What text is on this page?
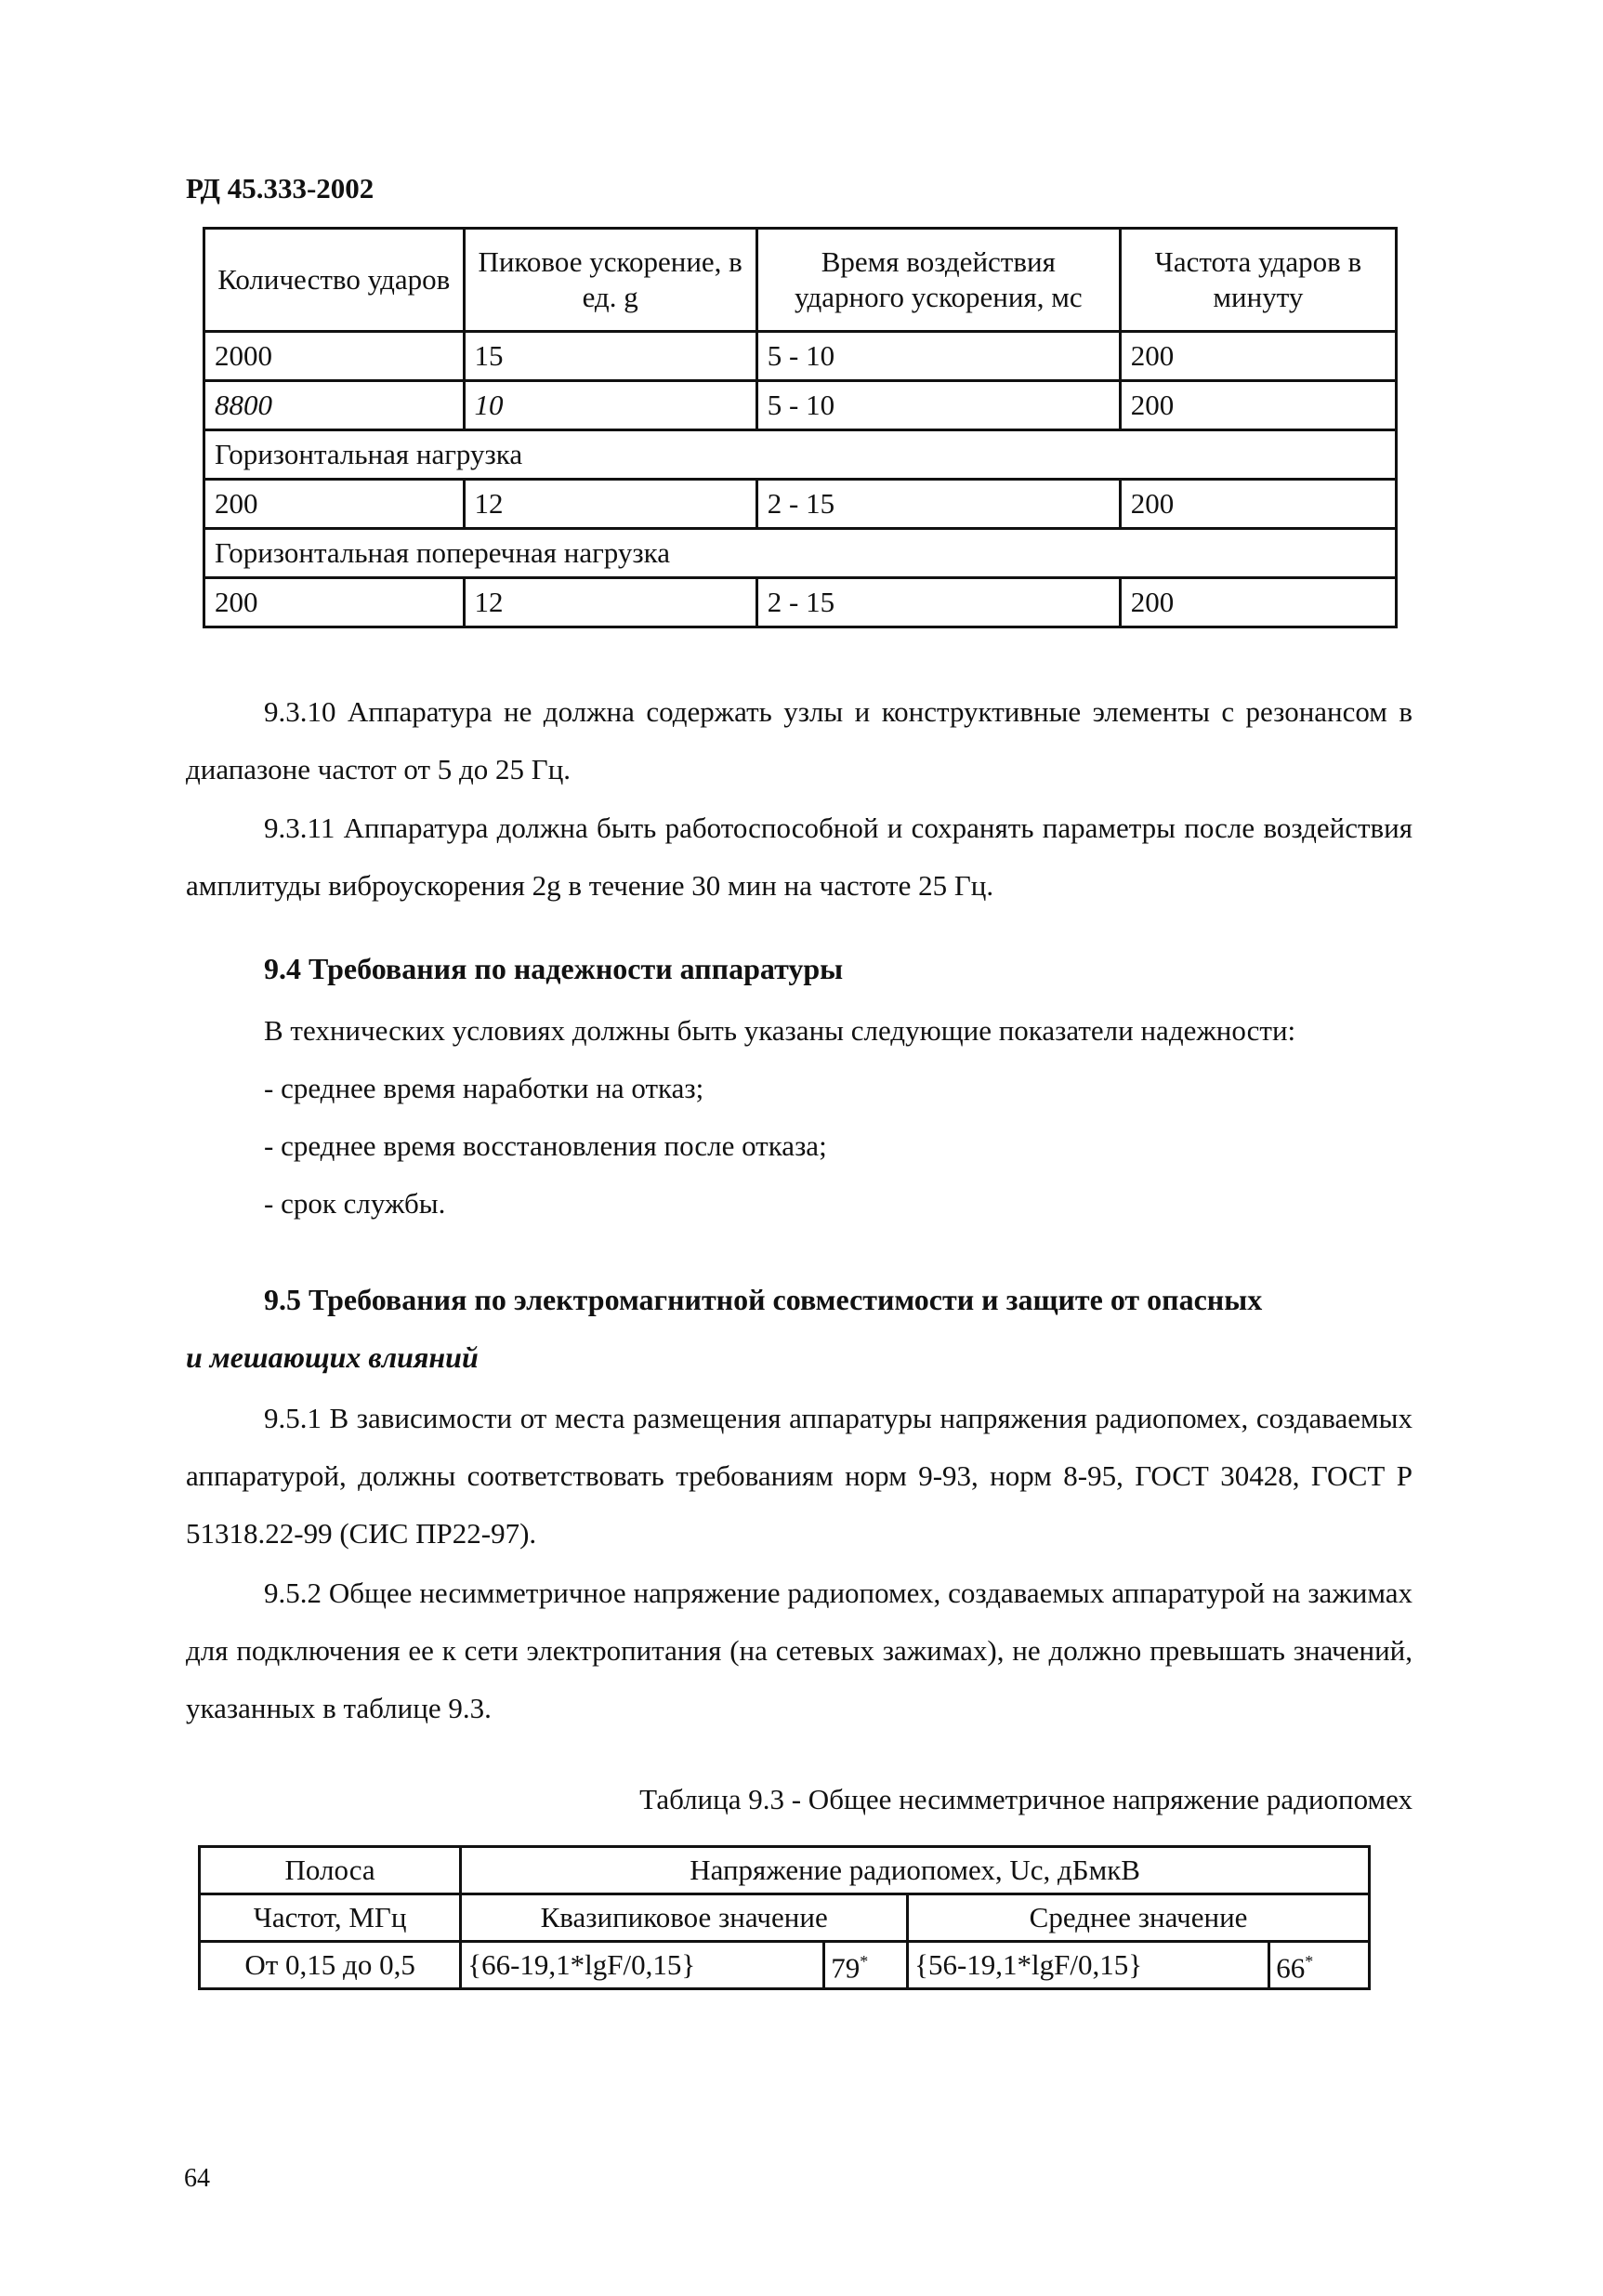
РД 45.333-2002
Количество ударов	Пиковое ускорение, в ед. g	Время воздействия ударного ускорения, мс	Частота ударов в минуту
2000	15	5 - 10	200
8800	10	5 - 10	200
Горизонтальная нагрузка			
200	12	2 - 15	200
Горизонтальная поперечная нагрузка			
200	12	2 - 15	200

9.3.10 Аппаратура не должна содержать узлы и конструктивные элементы с резонансом в диапазоне частот от 5 до 25 Гц.

9.3.11 Аппаратура должна быть работоспособной и сохранять параметры после воздействия амплитуды виброускорения 2g в течение 30 мин на частоте 25 Гц.

9.4 Требования по надежности аппаратуры

В технических условиях должны быть указаны следующие показатели надежности:

- среднее время наработки на отказ;

- среднее время восстановления после отказа;

- срок службы.

9.5 Требования по электромагнитной совместимости и защите от опасных
и мешающих влияний

9.5.1 В зависимости от места размещения аппаратуры напряжения радиопомех, создаваемых аппаратурой, должны соответствовать требованиям норм 9-93, норм 8-95, ГОСТ 30428, ГОСТ Р 51318.22-99 (СИС ПР22-97).

9.5.2 Общее несимметричное напряжение радиопомех, создаваемых аппаратурой на зажимах для подключения ее к сети электропитания (на сетевых зажимах), не должно превышать значений, указанных в таблице 9.3.

Таблица 9.3 - Общее несимметричное напряжение радиопомех
Полоса	Напряжение радиопомех, Uc, дБмкВ			
Частот, МГц	Квазипиковое значение		Среднее значение	
От 0,15 до 0,5	{66-19,1*lgF/0,15}	79*	{56-19,1*lgF/0,15}	66*
64
